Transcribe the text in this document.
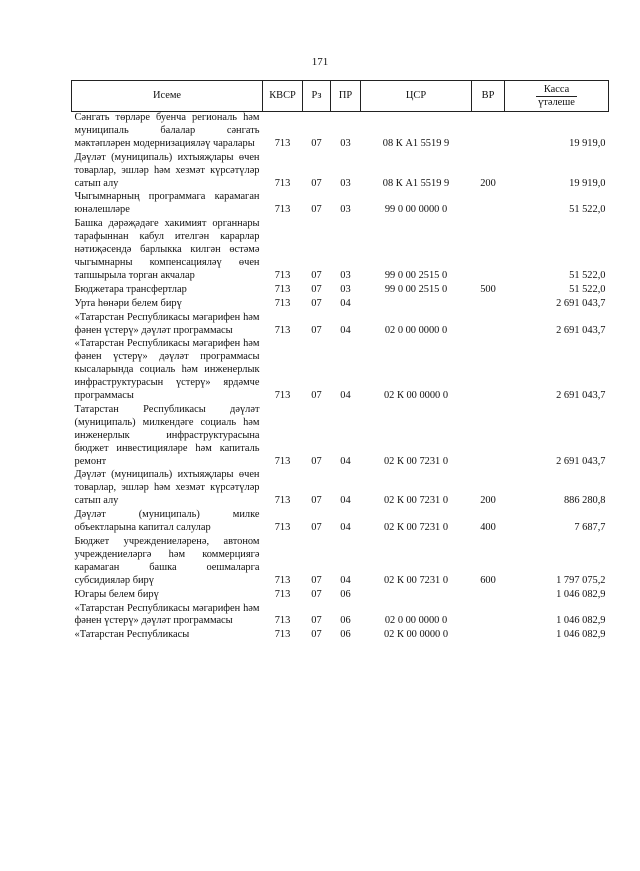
171
Исеме	КВСР	Рз	ПР	ЦСР	ВР	Касса
үтәлеше
Сәнгать төрләре буенча региональ һәм муниципаль балалар сәнгать мәктәпләрен модернизацияләү чаралары	713	07	03	08 К А1 5519 9		19 919,0
Дәүләт (муниципаль) ихтыяҗлары өчен товарлар, эшләр һәм хезмәт күрсәтүләр сатып алу	713	07	03	08 К А1 5519 9	200	19 919,0
Чыгымнарның программага карамаган юнәлешләре	713	07	03	99 0 00 0000 0		51 522,0
Башка дәрәҗәдәге хакимият органнары тарафыннан кабул ителгән карарлар нәтиҗәсендә барлыкка килгән өстәмә чыгымнарны компенсацияләү өчен тапшырыла торган акчалар	713	07	03	99 0 00 2515 0		51 522,0
Бюджетара трансфертлар	713	07	03	99 0 00 2515 0	500	51 522,0
Урта һөнәри белем бирү	713	07	04			2 691 043,7
«Татарстан Республикасы мәгарифен һәм фәнен үстерү» дәүләт программасы	713	07	04	02 0 00 0000 0		2 691 043,7
«Татарстан Республикасы мәгарифен һәм фәнен үстерү» дәүләт программасы кысаларында социаль һәм инженерлык инфраструктурасын үстерү» ярдәмче программасы	713	07	04	02 К 00 0000 0		2 691 043,7
Татарстан Республикасы дәүләт (муниципаль) милкендәге социаль һәм инженерлык инфраструктурасына бюджет инвестицияләре һәм капиталь ремонт	713	07	04	02 К 00 7231 0		2 691 043,7
Дәүләт (муниципаль) ихтыяҗлары өчен товарлар, эшләр һәм хезмәт күрсәтүләр сатып алу	713	07	04	02 К 00 7231 0	200	886 280,8
Дәүләт (муниципаль) милке объектларына капитал салулар	713	07	04	02 К 00 7231 0	400	7 687,7
Бюджет учреждениеләренә, автоном учреждениеләргә һәм коммерциягә карамаган башка оешмаларга субсидияләр бирү	713	07	04	02 К 00 7231 0	600	1 797 075,2
Югары белем бирү	713	07	06			1 046 082,9
«Татарстан Республикасы мәгарифен һәм фәнен үстерү» дәүләт программасы	713	07	06	02 0 00 0000 0		1 046 082,9
«Татарстан Республикасы	713	07	06	02 К 00 0000 0		1 046 082,9
